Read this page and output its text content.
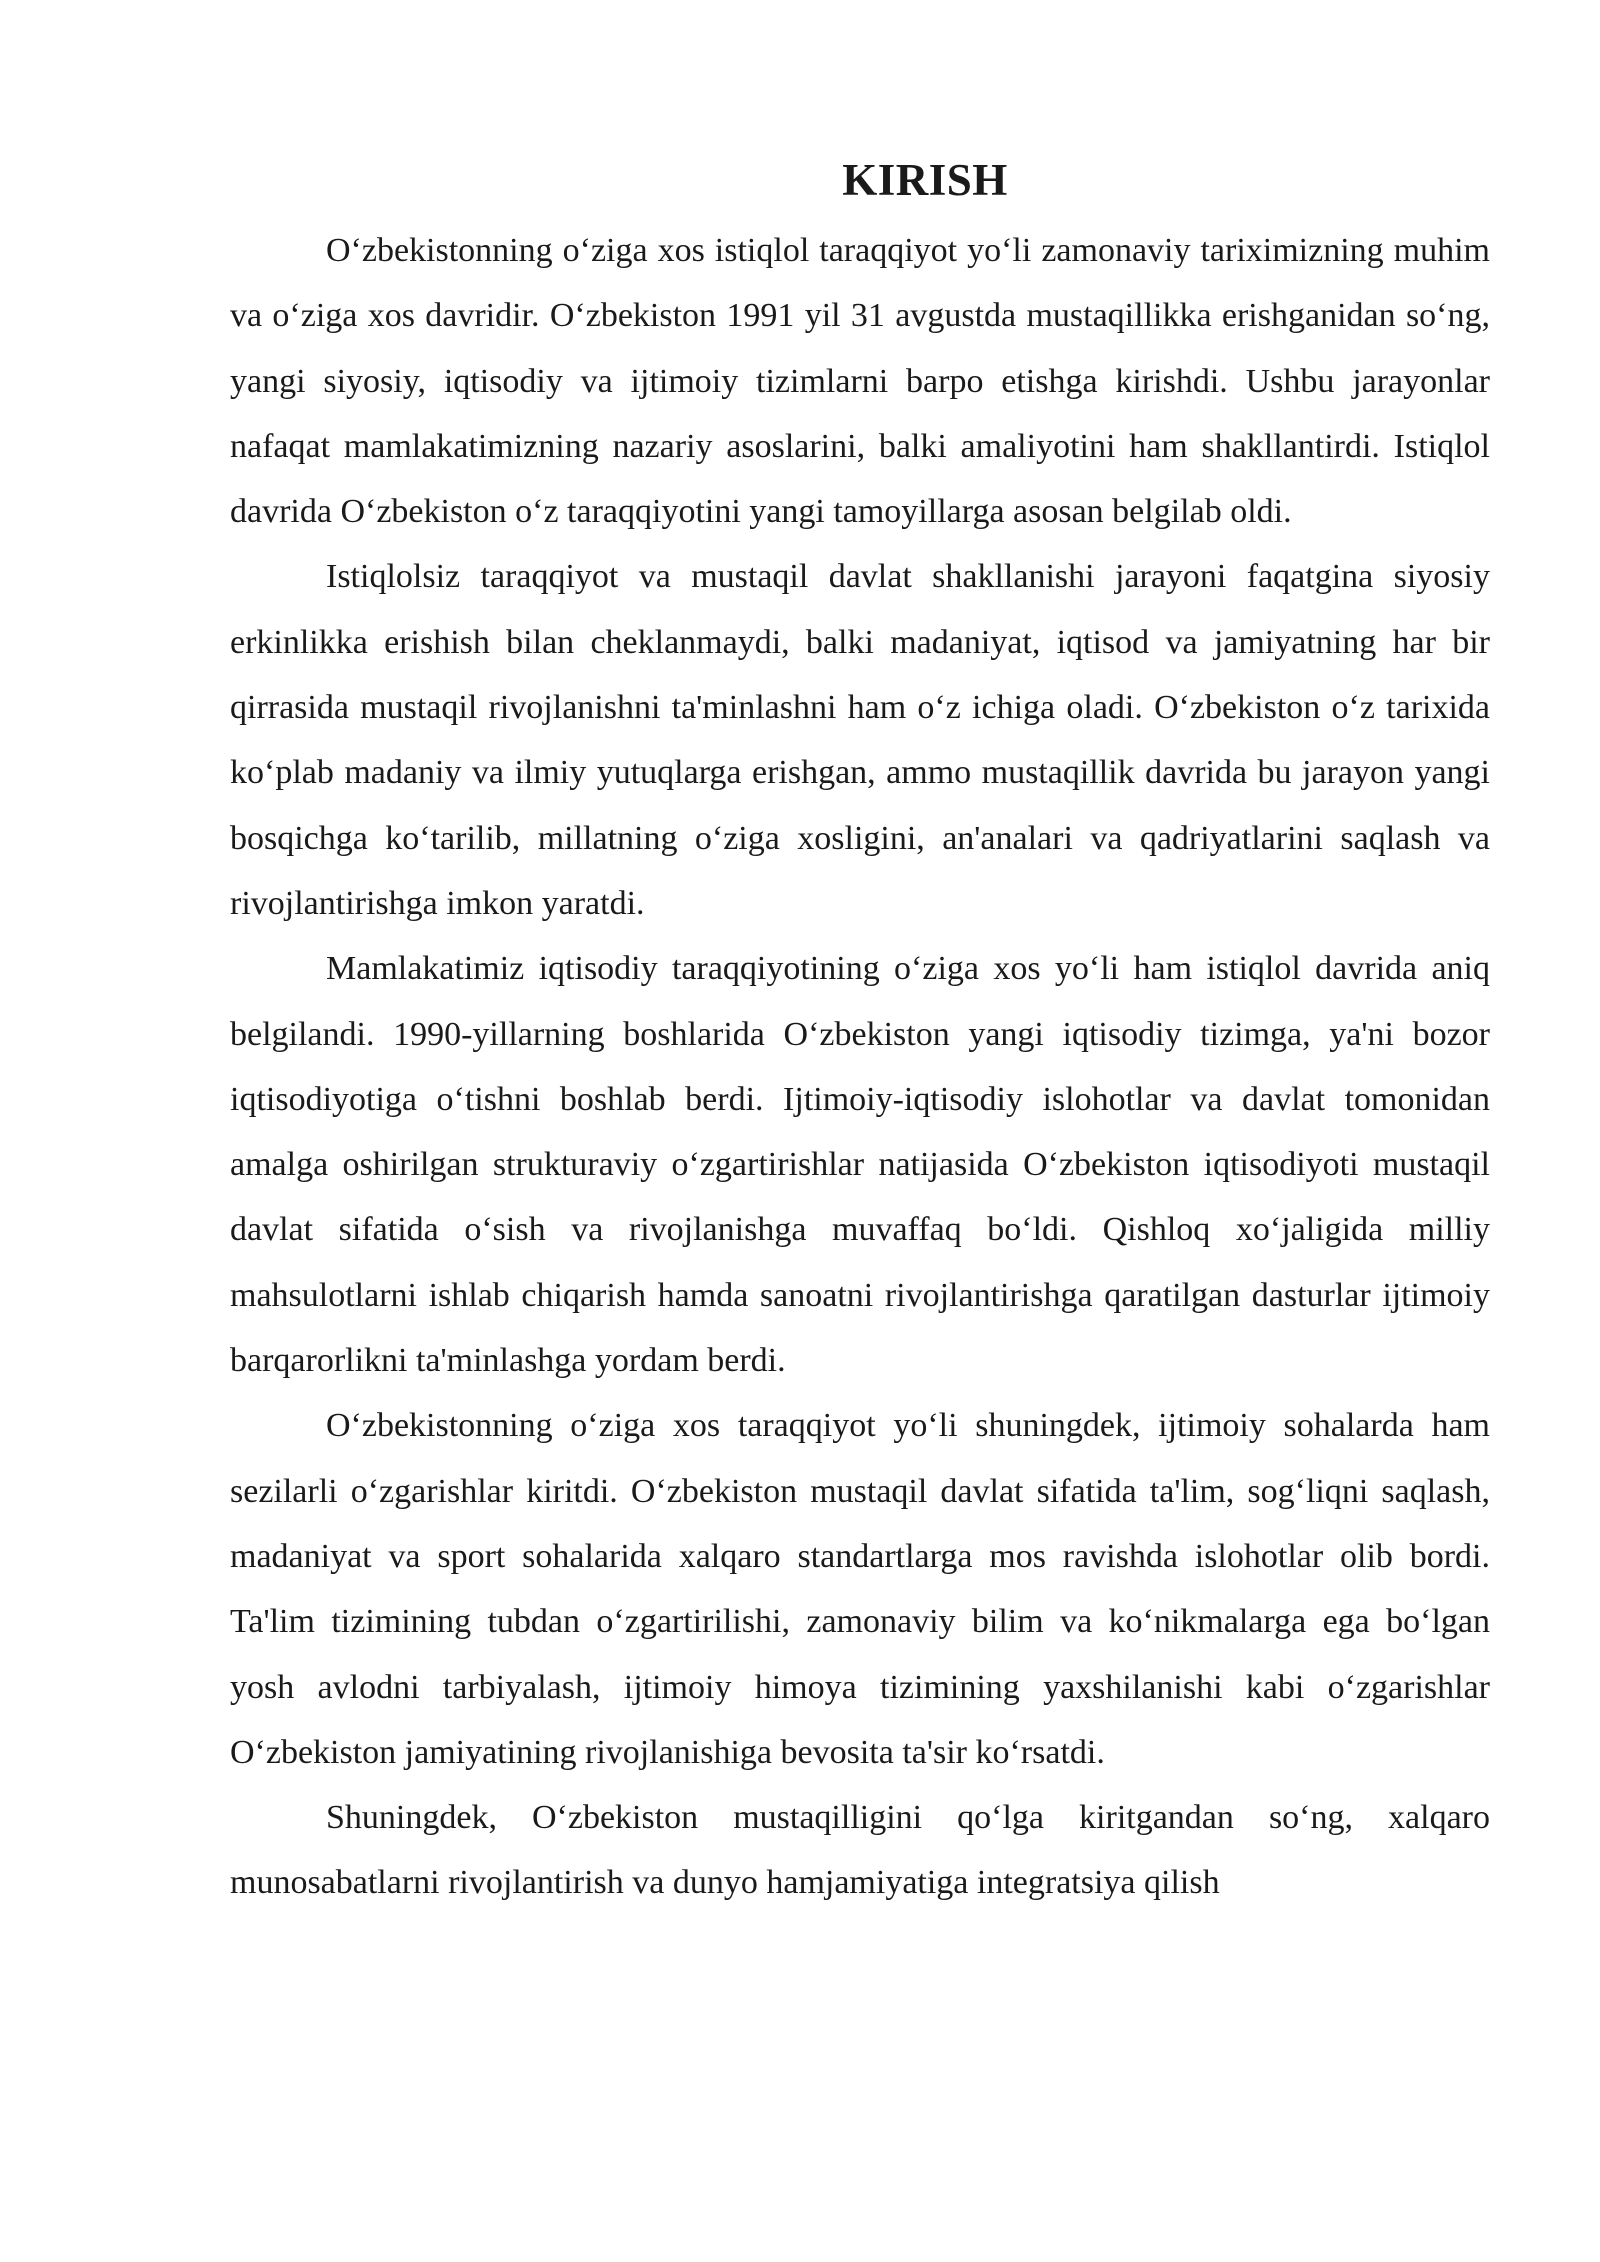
KIRISH

O‘zbekistonning o‘ziga xos istiqlol taraqqiyot yo‘li zamonaviy tariximizning muhim va o‘ziga xos davridir. O‘zbekiston 1991 yil 31 avgustda mustaqillikka erishganidan so‘ng, yangi siyosiy, iqtisodiy va ijtimoiy tizimlarni barpo etishga kirishdi. Ushbu jarayonlar nafaqat mamlakatimizning nazariy asoslarini, balki amaliyotini ham shakllantirdi. Istiqlol davrida O‘zbekiston o‘z taraqqiyotini yangi tamoyillarga asosan belgilab oldi.

Istiqlolsiz taraqqiyot va mustaqil davlat shakllanishi jarayoni faqatgina siyosiy erkinlikka erishish bilan cheklanmaydi, balki madaniyat, iqtisod va jamiyatning har bir qirrasida mustaqil rivojlanishni ta'minlashni ham o‘z ichiga oladi. O‘zbekiston o‘z tarixida ko‘plab madaniy va ilmiy yutuqlarga erishgan, ammo mustaqillik davrida bu jarayon yangi bosqichga ko‘tarilib, millatning o‘ziga xosligini, an'analari va qadriyatlarini saqlash va rivojlantirishga imkon yaratdi.

Mamlakatimiz iqtisodiy taraqqiyotining o‘ziga xos yo‘li ham istiqlol davrida aniq belgilandi. 1990-yillarning boshlarida O‘zbekiston yangi iqtisodiy tizimga, ya'ni bozor iqtisodiyotiga o‘tishni boshlab berdi. Ijtimoiy-iqtisodiy islohotlar va davlat tomonidan amalga oshirilgan strukturaviy o‘zgartirishlar natijasida O‘zbekiston iqtisodiyoti mustaqil davlat sifatida o‘sish va rivojlanishga muvaffaq bo‘ldi. Qishloq xo‘jaligida milliy mahsulotlarni ishlab chiqarish hamda sanoatni rivojlantirishga qaratilgan dasturlar ijtimoiy barqarorlikni ta'minlashga yordam berdi.

O‘zbekistonning o‘ziga xos taraqqiyot yo‘li shuningdek, ijtimoiy sohalarda ham sezilarli o‘zgarishlar kiritdi. O‘zbekiston mustaqil davlat sifatida ta'lim, sog‘liqni saqlash, madaniyat va sport sohalarida xalqaro standartlarga mos ravishda islohotlar olib bordi. Ta'lim tizimining tubdan o‘zgartirilishi, zamonaviy bilim va ko‘nikmalarga ega bo‘lgan yosh avlodni tarbiyalash, ijtimoiy himoya tizimining yaxshilanishi kabi o‘zgarishlar O‘zbekiston jamiyatining rivojlanishiga bevosita ta'sir ko‘rsatdi.

Shuningdek, O‘zbekiston mustaqilligini qo‘lga kiritgandan so‘ng, xalqaro munosabatlarni rivojlantirish va dunyo hamjamiyatiga integratsiya qilish
